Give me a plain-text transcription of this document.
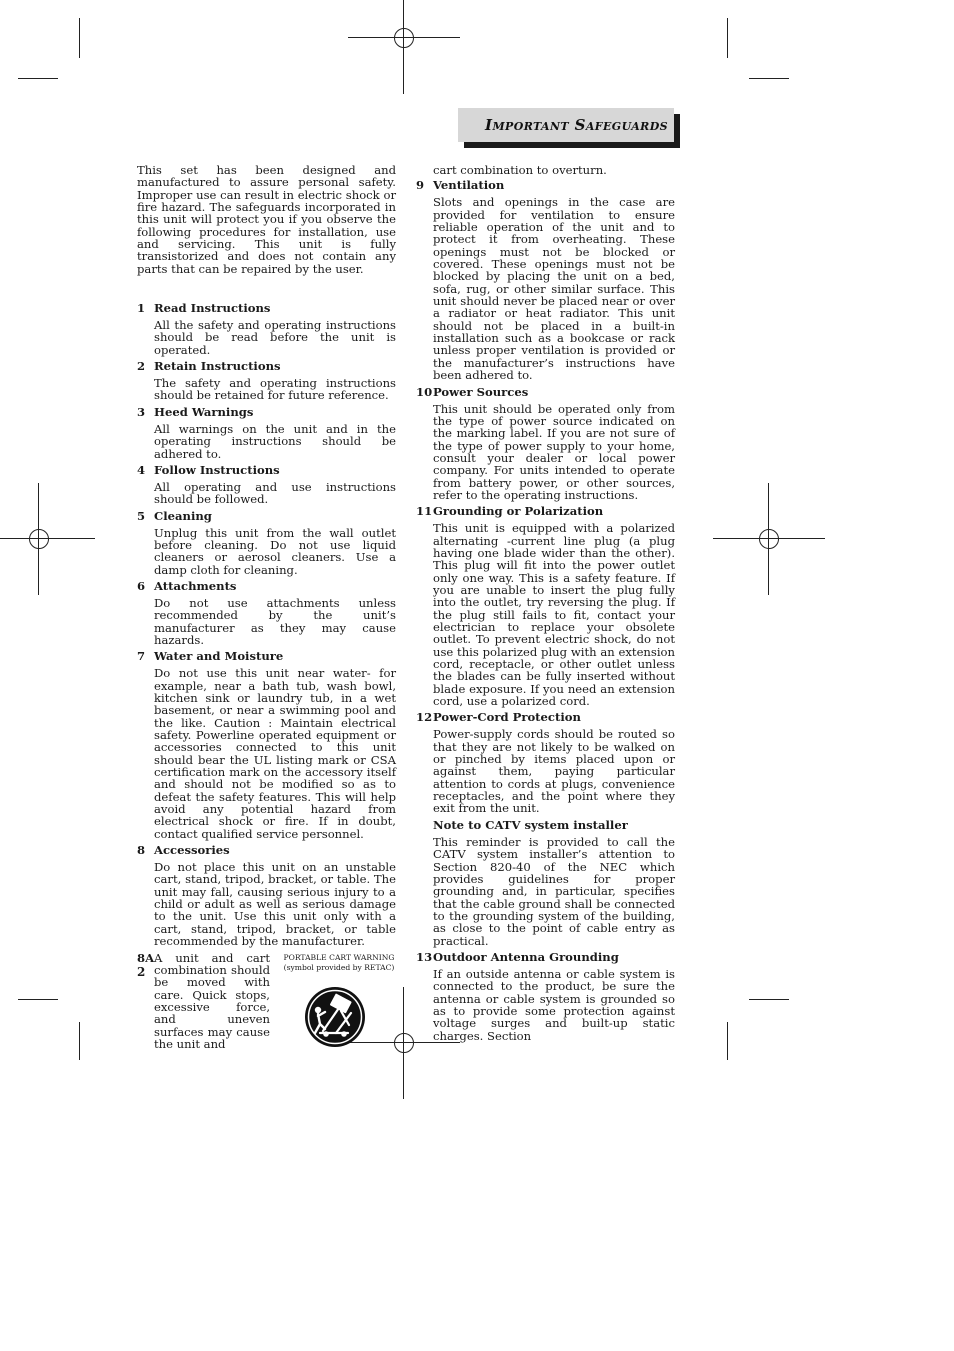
Important Safeguards

This set has been designed and manufactured to assure personal safety. Improper use can result in electric shock or fire hazard. The safeguards incorporated in this unit will protect you if you observe the following procedures for installation, use and servicing. This unit is fully transistorized and does not contain any parts that can be repaired by the user.

1 Read Instructions

All the safety and operating instructions should be read before the unit is operated.

2 Retain Instructions

The safety and operating instructions should be retained for future reference.

3 Heed Warnings

All warnings on the unit and in the operating instructions should be adhered to.

4 Follow Instructions

All operating and use instructions should be followed.

5 Cleaning

Unplug this unit from the wall outlet before cleaning. Do not use liquid cleaners or aerosol cleaners. Use a damp cloth for cleaning.

6 Attachments

Do not use attachments unless recommended by the unit’s manufacturer as they may cause hazards.

7 Water and Moisture

Do not use this unit near water- for example, near a bath tub, wash bowl, kitchen sink or laundry tub, in a wet basement, or near a swimming pool and the like. Caution : Maintain electrical safety. Powerline operated equipment or accessories connected to this unit should bear the UL listing mark or CSA certification mark on the accessory itself and should not be modified so as to defeat the safety features. This will help avoid any potential hazard from electrical shock or fire. If in doubt, contact qualified service personnel.

8 Accessories

Do not place this unit on an unstable cart, stand, tripod, bracket, or table. The unit may fall, causing serious injury to a child or adult as well as serious damage to the unit. Use this unit only with a cart, stand, tripod, bracket, or table recommended by the manufacturer.

8A A unit and cart combination should be moved with care. Quick stops, excessive force, and uneven surfaces may cause the unit and

PORTABLE CART WARNING
(symbol provided by RETAC)

cart combination to overturn.

9 Ventilation

Slots and openings in the case are provided for ventilation to ensure reliable operation of the unit and to protect it from overheating. These openings must not be blocked or covered. These openings must not be blocked by placing the unit on a bed, sofa, rug, or other similar surface. This unit should never be placed near or over a radiator or heat radiator. This unit should not be placed in a built-in installation such as a bookcase or rack unless proper ventilation is provided or the manufacturer’s instructions have been adhered to.

10Power Sources

This unit should be operated only from the type of power source indicated on the marking label. If you are not sure of the type of power supply to your home, consult your dealer or local power company. For units intended to operate from battery power, or other sources, refer to the operating instructions.

11Grounding or Polarization

This unit is equipped with a polarized alternating -current line plug (a plug having one blade wider than the other). This plug will fit into the power outlet only one way. This is a safety feature. If you are unable to insert the plug fully into the outlet, try reversing the plug. If the plug still fails to fit, contact your electrician to replace your obsolete outlet. To prevent electric shock, do not use this polarized plug with an extension cord, receptacle, or other outlet unless the blades can be fully inserted without blade exposure. If you need an extension cord, use a polarized cord.

12Power-Cord Protection

Power-supply cords should be routed so that they are not likely to be walked on or pinched by items placed upon or against them, paying particular attention to cords at plugs, convenience receptacles, and the point where they exit from the unit.

Note to CATV system installer

This reminder is provided to call the CATV system installer’s attention to Section 820-40 of the NEC which provides guidelines for proper grounding and, in particular, specifies that the cable ground shall be connected to the grounding system of the building, as close to the point of cable entry as practical.

13Outdoor Antenna Grounding

If an outside antenna or cable system is connected to the product, be sure the antenna or cable system is grounded so as to provide some protection against voltage surges and built-up static charges. Section

2
